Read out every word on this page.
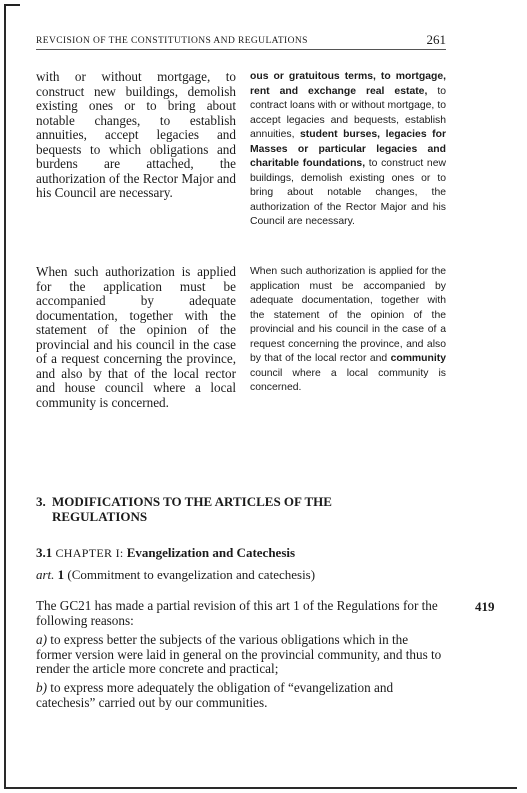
REVCISION OF THE CONSTITUTIONS AND REGULATIONS	261
with or without mortgage, to construct new buildings, demolish existing ones or to bring about notable changes, to establish annuities, accept legacies and bequests to which obligations and burdens are attached, the authorization of the Rector Major and his Council are necessary.
When such authorization is applied for the application must be accompanied by adequate documentation, together with the statement of the opinion of the provincial and his council in the case of a request concerning the province, and also by that of the local rector and house council where a local community is concerned.
ous or gratuitous terms, to mortgage, rent and exchange real estate, to contract loans with or without mortgage, to accept legacies and bequests, establish annuities, student burses, legacies for Masses or particular legacies and charitable foundations, to construct new buildings, demolish existing ones or to bring about notable changes, the authorization of the Rector Major and his Council are necessary.
When such authorization is applied for the application must be accompanied by adequate documentation, together with the statement of the opinion of the provincial and his council in the case of a request concerning the province, and also by that of the local rector and community council where a local community is concerned.
3. MODIFICATIONS TO THE ARTICLES OF THE
REGULATIONS
3.1 CHAPTER I: Evangelization and Catechesis
art. 1 (Commitment to evangelization and catechesis)
The GC21 has made a partial revision of this art 1 of the Regulations for the following reasons:
419
a) to express better the subjects of the various obligations which in the former version were laid in general on the provincial community, and thus to render the article more concrete and practical;
b) to express more adequately the obligation of “evangelization and catechesis” carried out by our communities.
